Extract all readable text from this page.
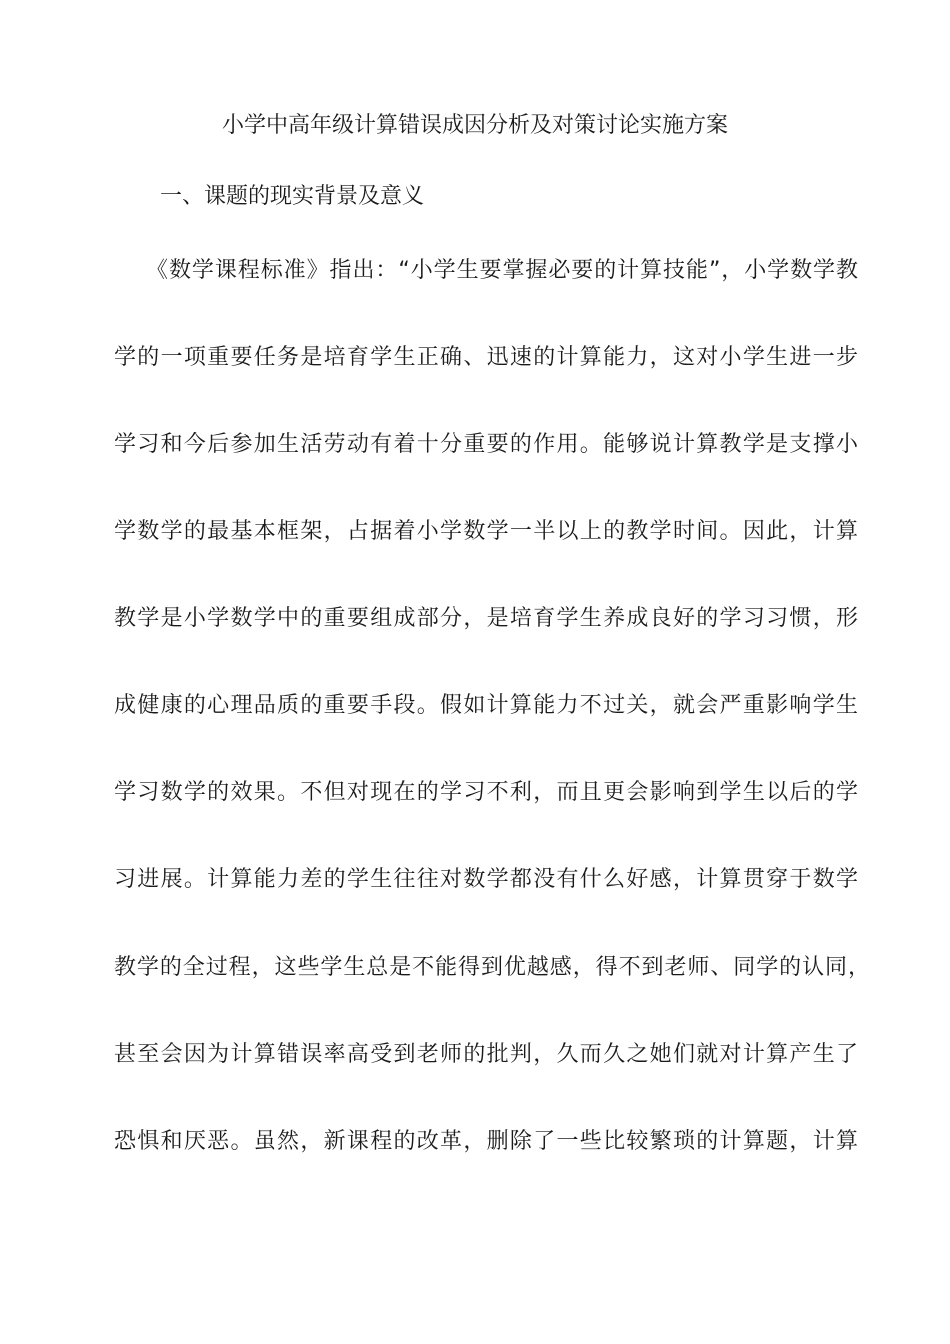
小学中高年级计算错误成因分析及对策讨论实施方案
一、课题的现实背景及意义
《数学课程标准》指出：“小学生要掌握必要的计算技能”，小学数学教
学的一项重要任务是培育学生正确、迅速的计算能力，这对小学生进一步
学习和今后参加生活劳动有着十分重要的作用。能够说计算教学是支撑小
学数学的最基本框架，占据着小学数学一半以上的教学时间。因此，计算
教学是小学数学中的重要组成部分，是培育学生养成良好的学习习惯，形
成健康的心理品质的重要手段。假如计算能力不过关，就会严重影响学生
学习数学的效果。不但对现在的学习不利，而且更会影响到学生以后的学
习进展。计算能力差的学生往往对数学都没有什么好感，计算贯穿于数学
教学的全过程，这些学生总是不能得到优越感，得不到老师、同学的认同，
甚至会因为计算错误率高受到老师的批判，久而久之她们就对计算产生了
恐惧和厌恶。虽然，新课程的改革，删除了一些比较繁琐的计算题，计算
